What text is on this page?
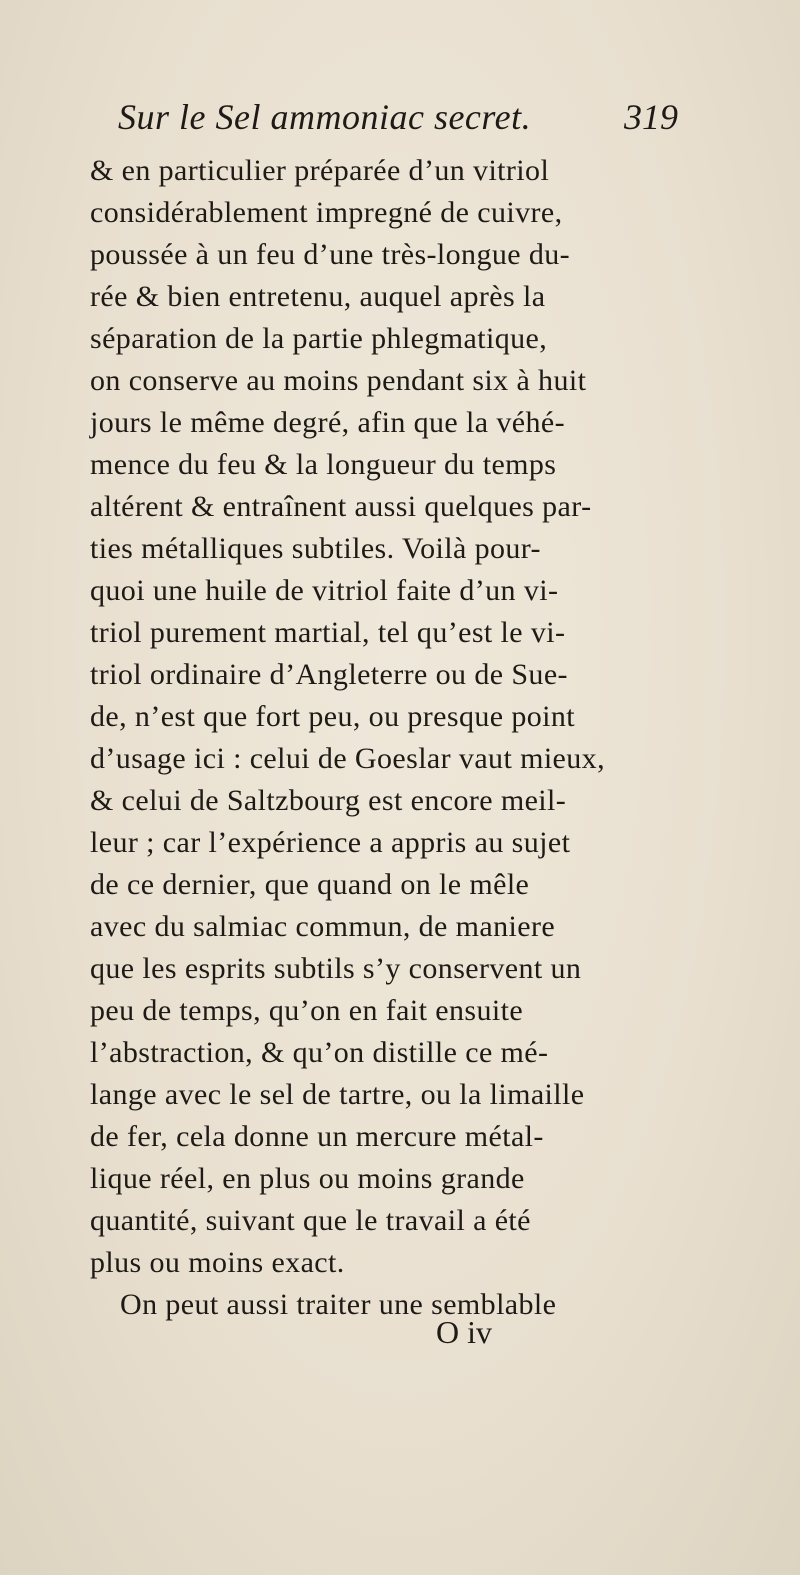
Sur le Sel ammoniac secret.	319
& en particulier préparée d’un vitriol
considérablement impregné de cuivre,
poussée à un feu d’une très-longue du-
rée & bien entretenu, auquel après la
séparation de la partie phlegmatique,
on conserve au moins pendant six à huit
jours le même degré, afin que la véhé-
mence du feu & la longueur du temps
altérent & entraînent aussi quelques par-
ties métalliques subtiles. Voilà pour-
quoi une huile de vitriol faite d’un vi-
triol purement martial, tel qu’est le vi-
triol ordinaire d’Angleterre ou de Sue-
de, n’est que fort peu, ou presque point
d’usage ici : celui de Goeslar vaut mieux,
& celui de Saltzbourg est encore meil-
leur ; car l’expérience a appris au sujet
de ce dernier, que quand on le mêle
avec du salmiac commun, de maniere
que les esprits subtils s’y conservent un
peu de temps, qu’on en fait ensuite
l’abstraction, & qu’on distille ce mé-
lange avec le sel de tartre, ou la limaille
de fer, cela donne un mercure métal-
lique réel, en plus ou moins grande
quantité, suivant que le travail a été
plus ou moins exact.
On peut aussi traiter une semblable
O iv
